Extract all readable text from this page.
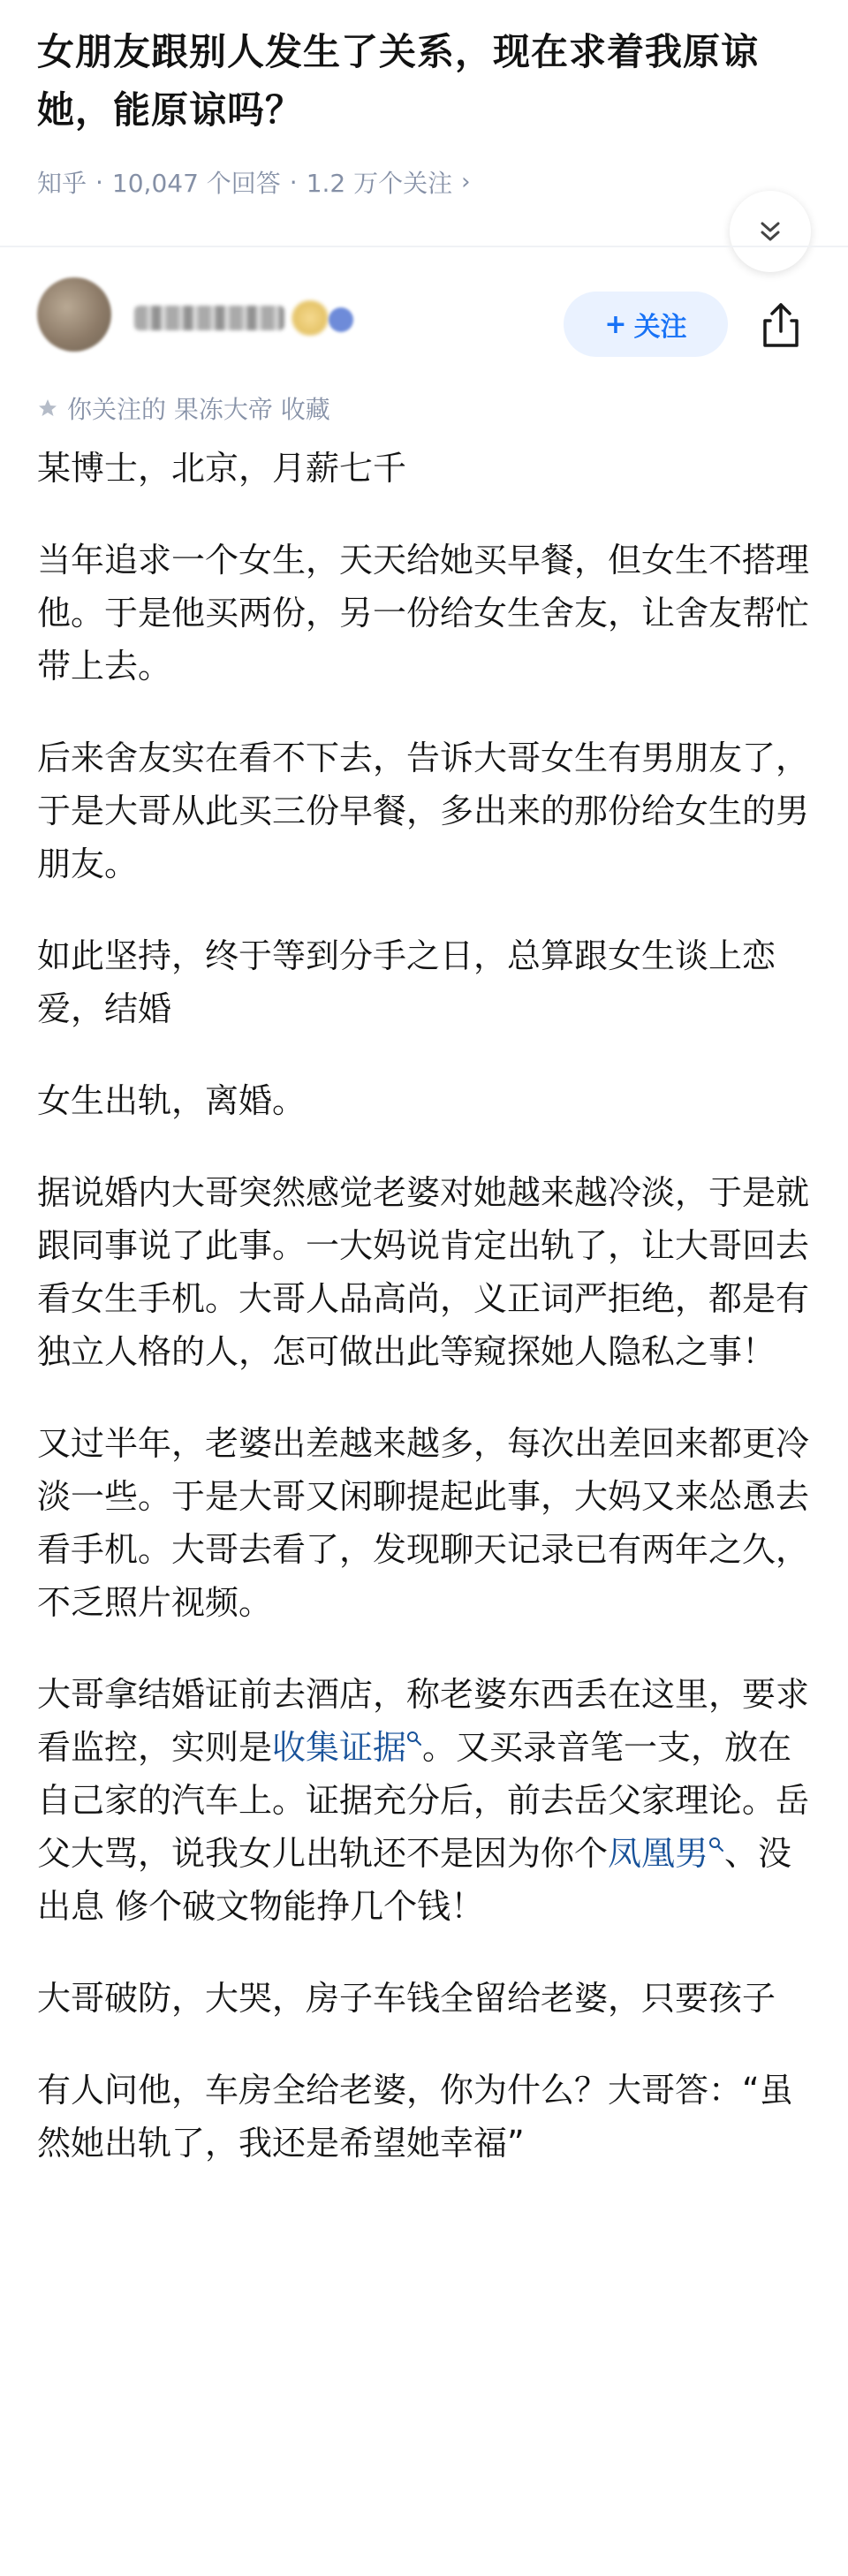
女朋友跟别人发生了关系，现在求着我原谅她，能原谅吗？
知乎 · 10,047 个回答 · 1.2 万个关注 ›
+ 关注
你关注的 果冻大帝 收藏

某博士，北京，月薪七千

当年追求一个女生，天天给她买早餐，但女生不搭理他。于是他买两份，另一份给女生舍友，让舍友帮忙带上去。

后来舍友实在看不下去，告诉大哥女生有男朋友了，于是大哥从此买三份早餐，多出来的那份给女生的男朋友。

如此坚持，终于等到分手之日，总算跟女生谈上恋爱，结婚

女生出轨，离婚。

据说婚内大哥突然感觉老婆对她越来越冷淡，于是就跟同事说了此事。一大妈说肯定出轨了，让大哥回去看女生手机。大哥人品高尚，义正词严拒绝，都是有独立人格的人，怎可做出此等窥探她人隐私之事！

又过半年，老婆出差越来越多，每次出差回来都更冷淡一些。于是大哥又闲聊提起此事，大妈又来怂恿去看手机。大哥去看了，发现聊天记录已有两年之久，不乏照片视频。

大哥拿结婚证前去酒店，称老婆东西丢在这里，要求看监控，实则是收集证据 。又买录音笔一支，放在自己家的汽车上。证据充分后，前去岳父家理论。岳父大骂，说我女儿出轨还不是因为你个凤凰男 、没出息 修个破文物能挣几个钱！

大哥破防，大哭，房子车钱全留给老婆，只要孩子

有人问他，车房全给老婆，你为什么？大哥答：“虽然她出轨了，我还是希望她幸福”
